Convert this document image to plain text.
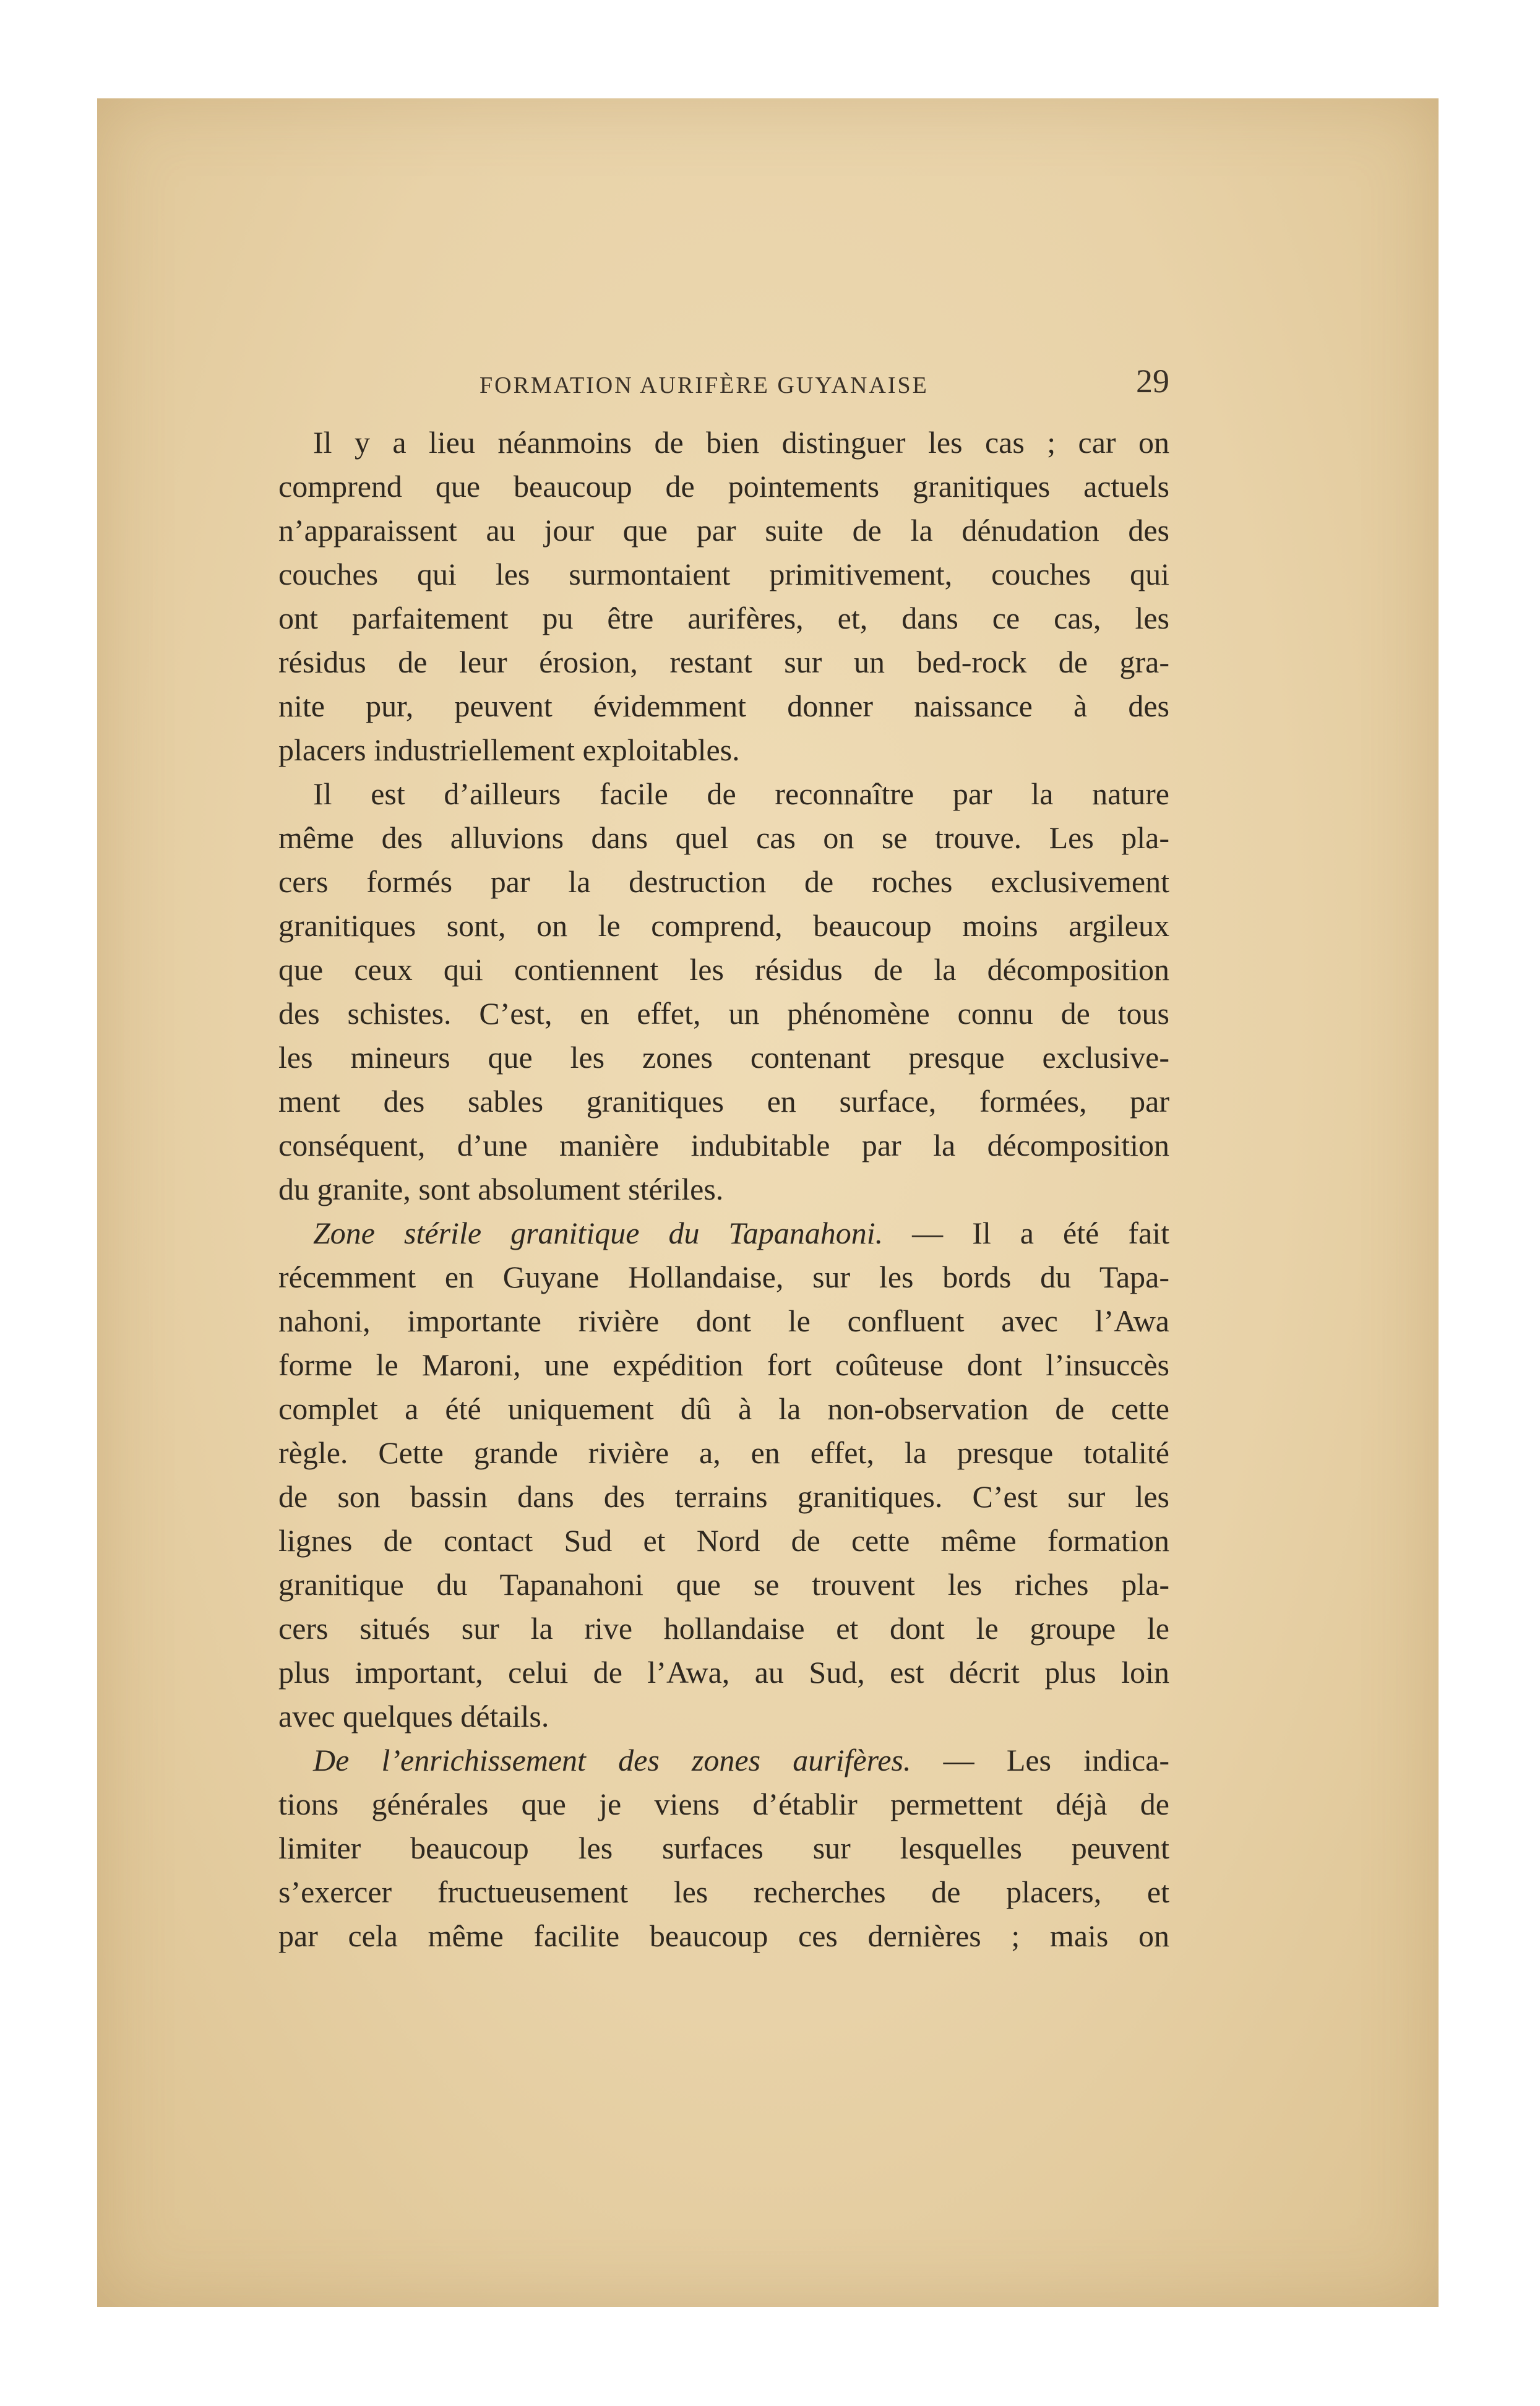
FORMATION AURIFÈRE GUYANAISE	29
Il y a lieu néanmoins de bien distinguer les cas ; car on
comprend que beaucoup de pointements granitiques actuels
n’apparaissent au jour que par suite de la dénudation des
couches qui les surmontaient primitivement, couches qui
ont parfaitement pu être aurifères, et, dans ce cas, les
résidus de leur érosion, restant sur un bed-rock de gra-
nite pur, peuvent évidemment donner naissance à des
placers industriellement exploitables.
Il est d’ailleurs facile de reconnaître par la nature
même des alluvions dans quel cas on se trouve. Les pla-
cers formés par la destruction de roches exclusivement
granitiques sont, on le comprend, beaucoup moins argileux
que ceux qui contiennent les résidus de la décomposition
des schistes. C’est, en effet, un phénomène connu de tous
les mineurs que les zones contenant presque exclusive-
ment des sables granitiques en surface, formées, par
conséquent, d’une manière indubitable par la décomposition
du granite, sont absolument stériles.
Zone stérile granitique du Tapanahoni. — Il a été fait
récemment en Guyane Hollandaise, sur les bords du Tapa-
nahoni, importante rivière dont le confluent avec l’Awa
forme le Maroni, une expédition fort coûteuse dont l’insuccès
complet a été uniquement dû à la non-observation de cette
règle. Cette grande rivière a, en effet, la presque totalité
de son bassin dans des terrains granitiques. C’est sur les
lignes de contact Sud et Nord de cette même formation
granitique du Tapanahoni que se trouvent les riches pla-
cers situés sur la rive hollandaise et dont le groupe le
plus important, celui de l’Awa, au Sud, est décrit plus loin
avec quelques détails.
De l’enrichissement des zones aurifères. — Les indica-
tions générales que je viens d’établir permettent déjà de
limiter beaucoup les surfaces sur lesquelles peuvent
s’exercer fructueusement les recherches de placers, et
par cela même facilite beaucoup ces dernières ; mais on
